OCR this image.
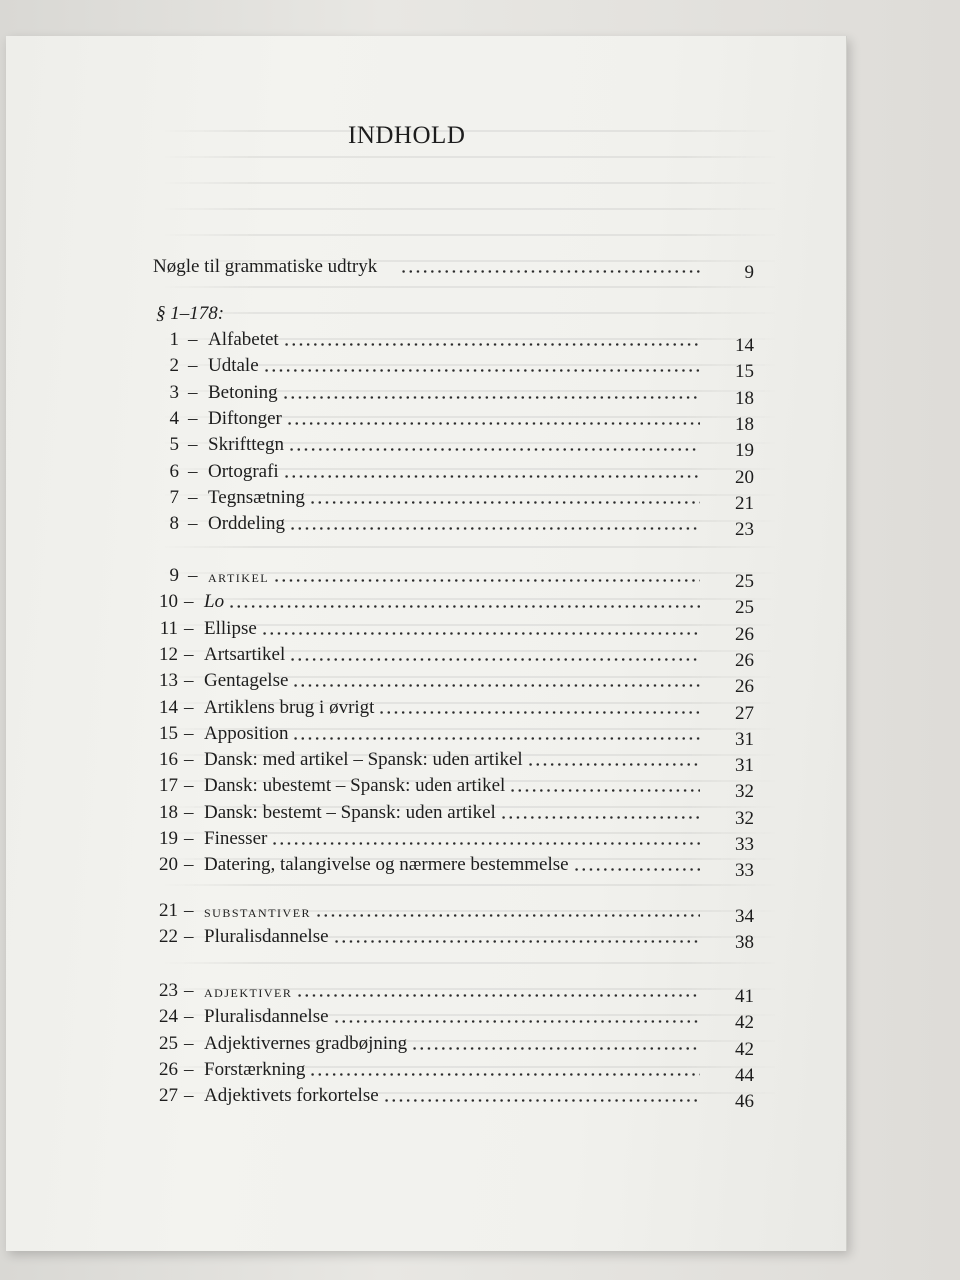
INDHOLD
Nøgle til grammatiske udtryk	9
§ 1–178:
1 – Alfabetet	14
2 – Udtale	15
3 – Betoning	18
4 – Diftonger	18
5 – Skrifttegn	19
6 – Ortografi	20
7 – Tegnsætning	21
8 – Orddeling	23
9 – artikel	25
10 – Lo	25
11 – Ellipse	26
12 – Artsartikel	26
13 – Gentagelse	26
14 – Artiklens brug i øvrigt	27
15 – Apposition	31
16 – Dansk: med artikel – Spansk: uden artikel	31
17 – Dansk: ubestemt – Spansk: uden artikel	32
18 – Dansk: bestemt – Spansk: uden artikel	32
19 – Finesser	33
20 – Datering, talangivelse og nærmere bestemmelse	33
21 – substantiver	34
22 – Pluralisdannelse	38
23 – adjektiver	41
24 – Pluralisdannelse	42
25 – Adjektivernes gradbøjning	42
26 – Forstærkning	44
27 – Adjektivets forkortelse	46
